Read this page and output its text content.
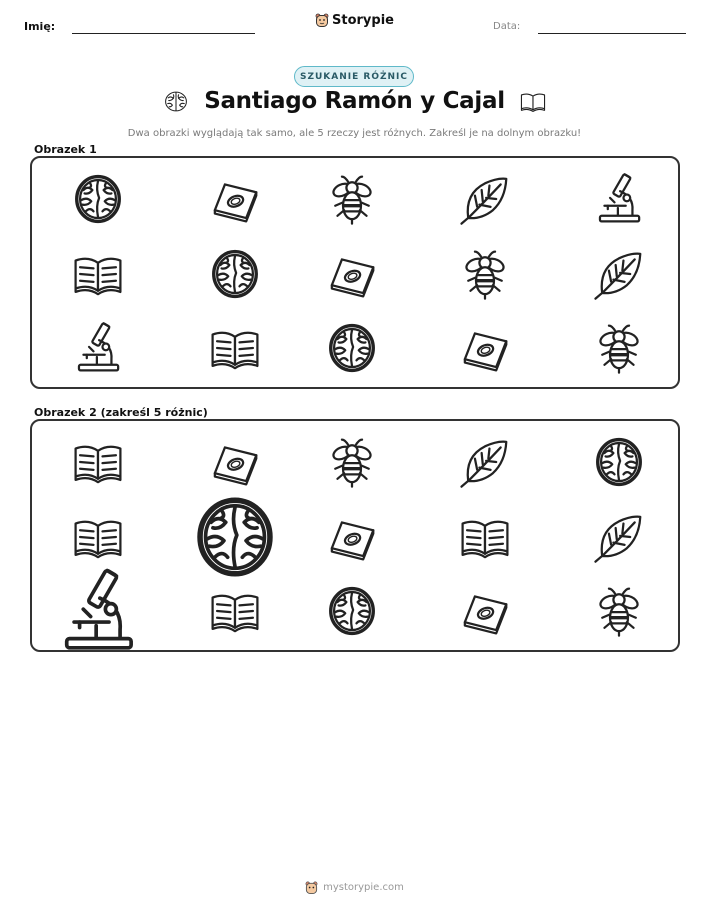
Imię:	Storypie	Data:
SZUKANIE RÓŻNIC
Santiago Ramón y Cajal
Dwa obrazki wyglądają tak samo, ale 5 rzeczy jest różnych. Zakreśl je na dolnym obrazku!
Obrazek 1
Obrazek 2 (zakreśl 5 różnic)
mystorypie.com
